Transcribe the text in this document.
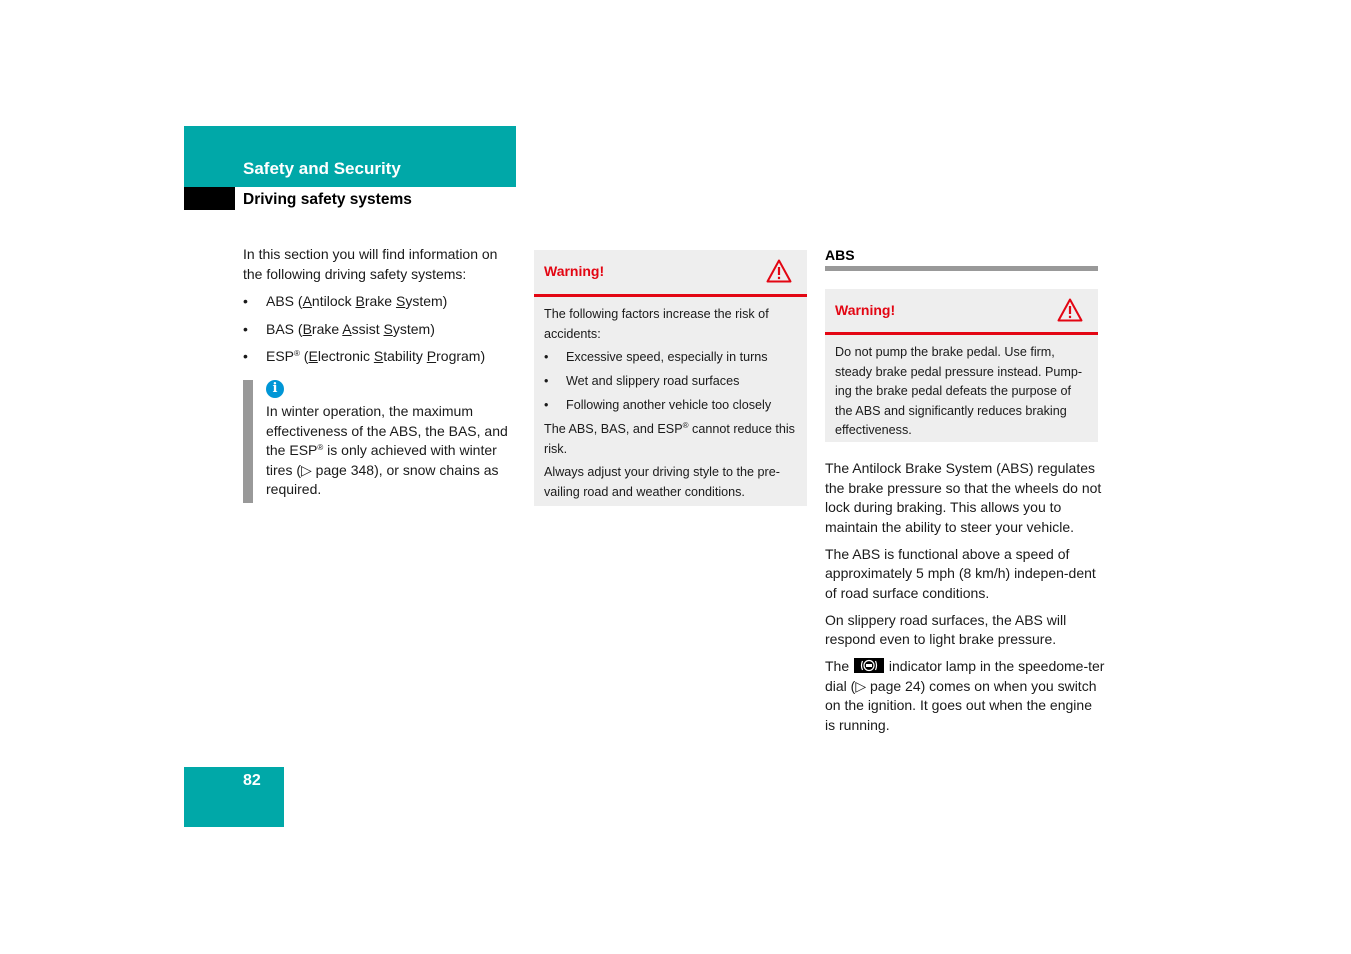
Safety and Security
Driving safety systems

In this section you will find information on the following driving safety systems:

• ABS (Antilock Brake System)
• BAS (Brake Assist System)
• ESP® (Electronic Stability Program)
i
In winter operation, the maximum effectiveness of the ABS, the BAS, and the ESP® is only achieved with winter tires (▷ page 348), or snow chains as required.
Warning!

The following factors increase the risk of accidents:

• Excessive speed, especially in turns
• Wet and slippery road surfaces
• Following another vehicle too closely

The ABS, BAS, and ESP® cannot reduce this risk.

Always adjust your driving style to the pre-vailing road and weather conditions.

ABS
Warning!

Do not pump the brake pedal. Use firm, steady brake pedal pressure instead. Pump-ing the brake pedal defeats the purpose of the ABS and significantly reduces braking effectiveness.

The Antilock Brake System (ABS) regulates the brake pressure so that the wheels do not lock during braking. This allows you to maintain the ability to steer your vehicle.

The ABS is functional above a speed of approximately 5 mph (8 km/h) indepen-dent of road surface conditions.

On slippery road surfaces, the ABS will respond even to light brake pressure.

The
indicator lamp in the speedome-ter dial (▷ page 24) comes on when you switch on the ignition. It goes out when the engine is running.

82
